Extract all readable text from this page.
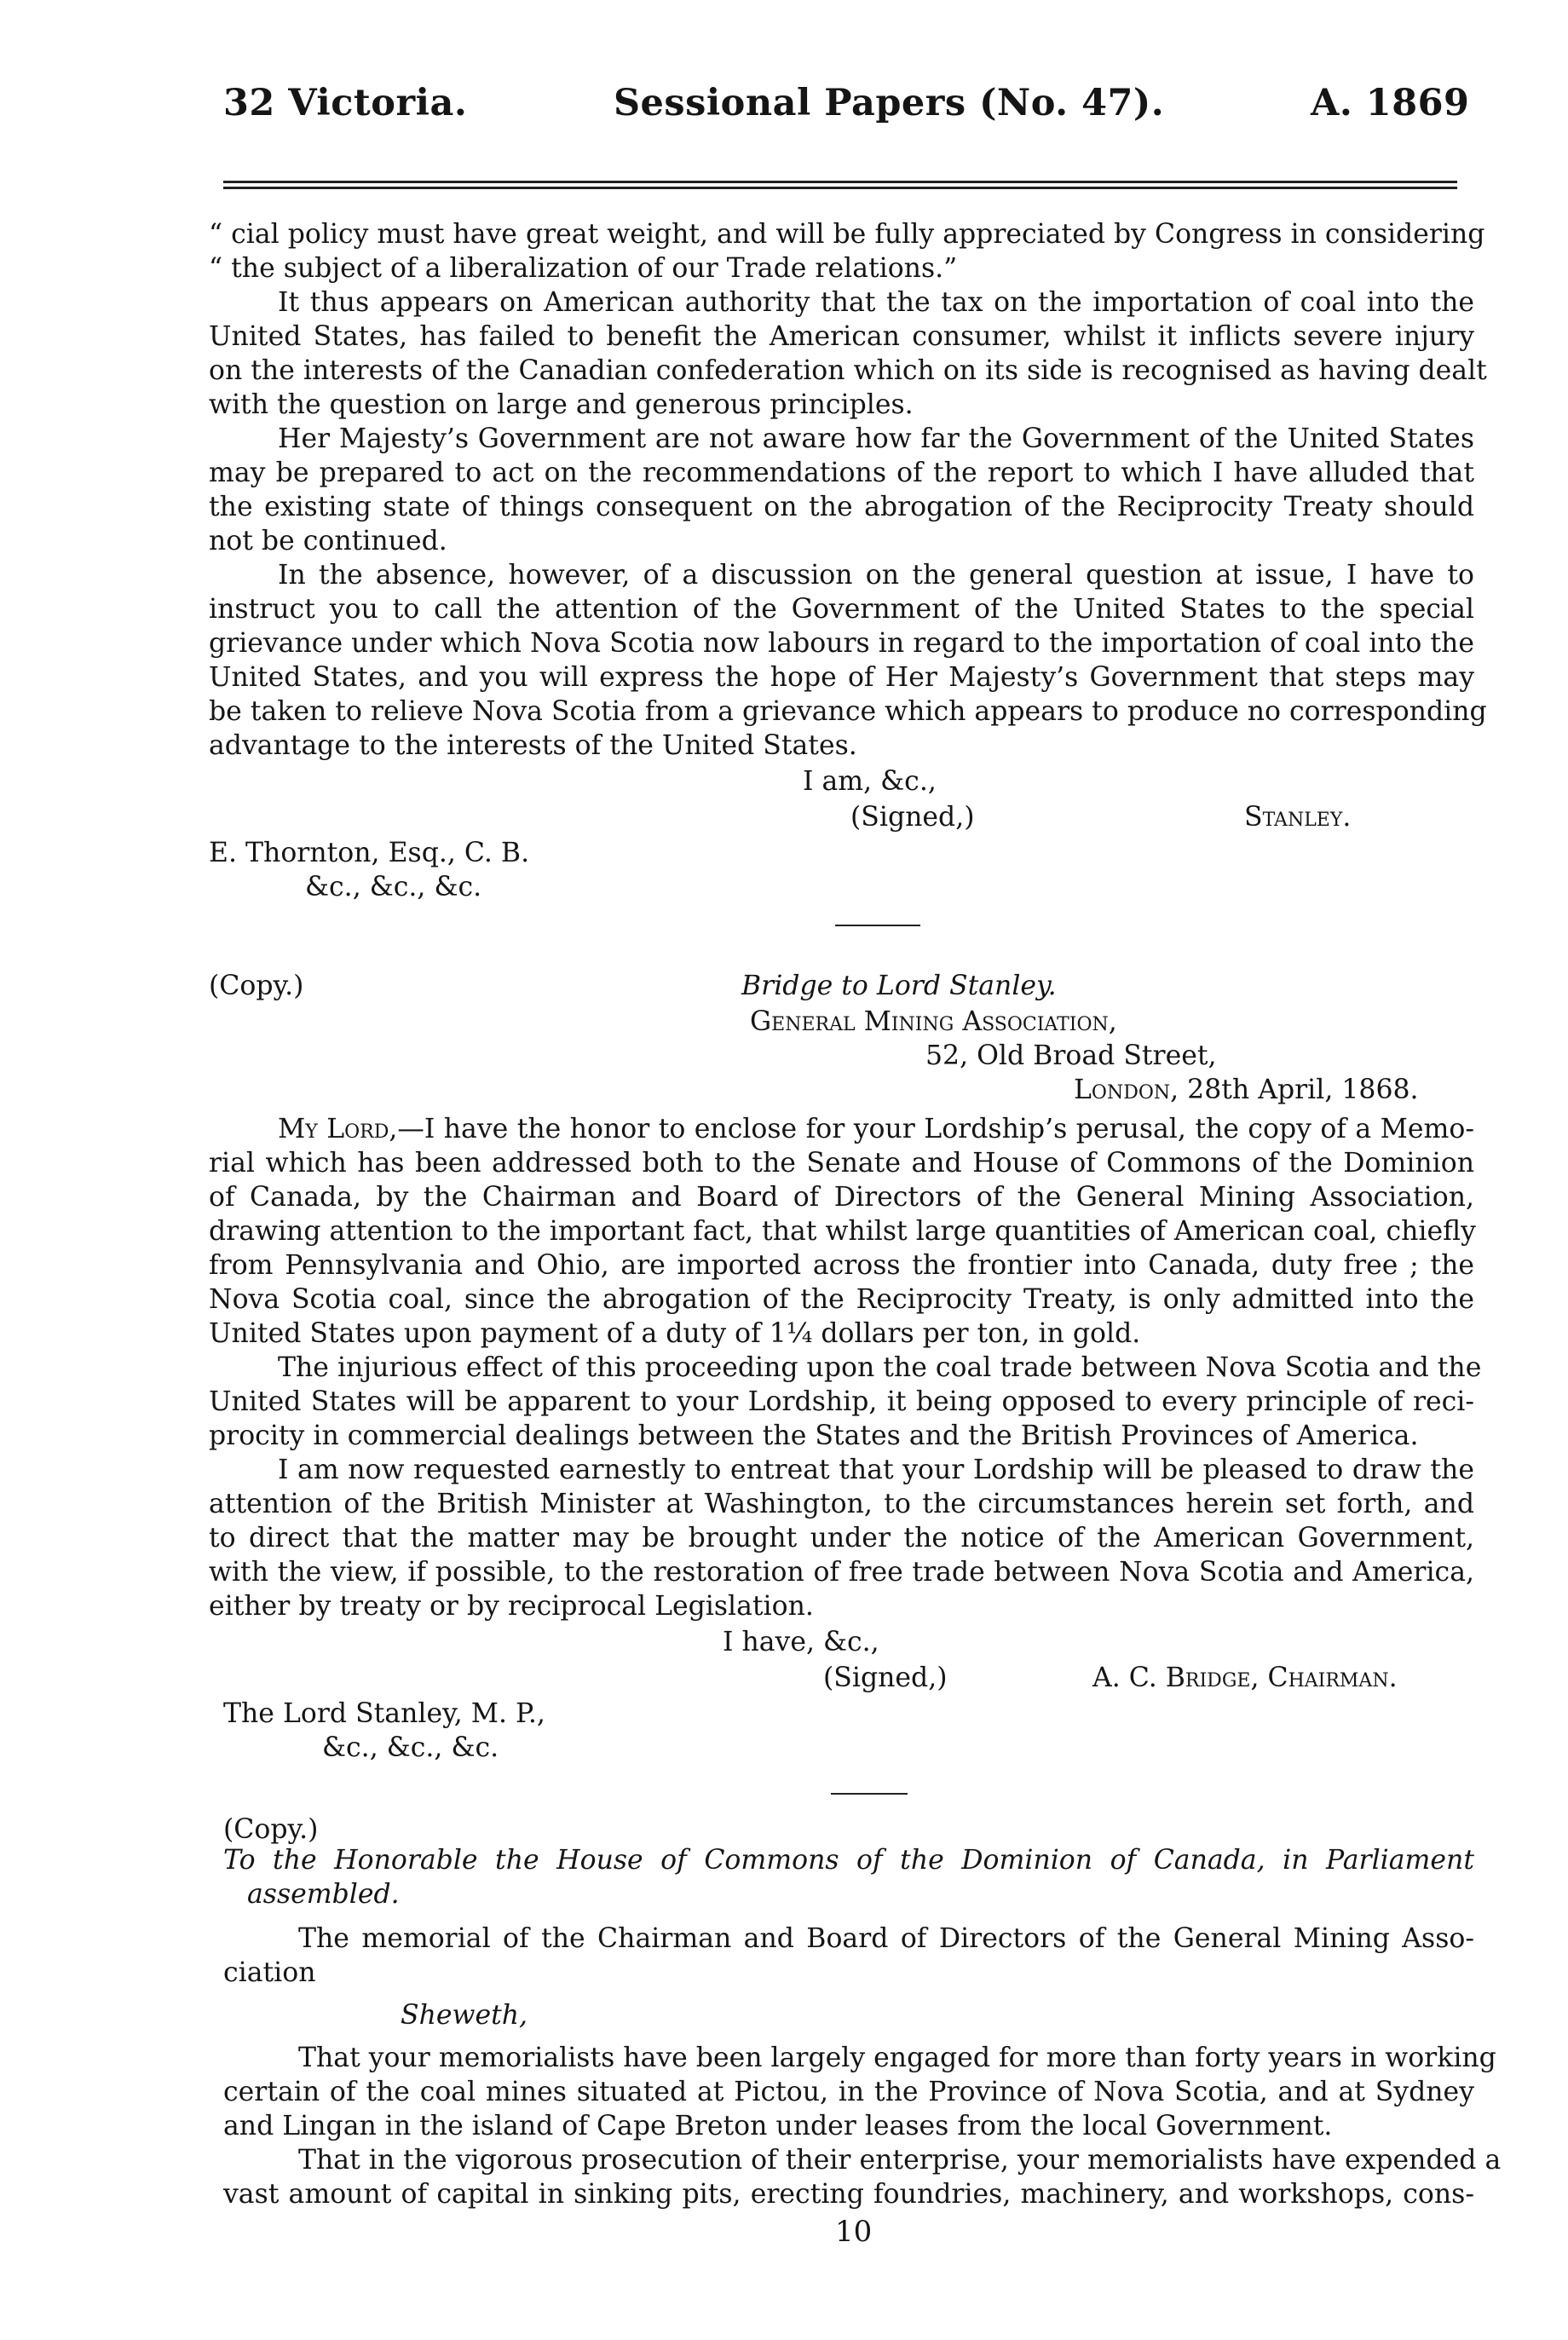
32 Victoria.	Sessional Papers (No. 47).	A. 1869
“ cial policy must have great weight, and will be fully appreciated by Congress in considering
“ the subject of a liberalization of our Trade relations.”
It thus appears on American authority that the tax on the importation of coal into the
United States, has failed to benefit the American consumer, whilst it inflicts severe injury
on the interests of the Canadian confederation which on its side is recognised as having dealt
with the question on large and generous principles.
Her Majesty’s Government are not aware how far the Government of the United States
may be prepared to act on the recommendations of the report to which I have alluded that
the existing state of things consequent on the abrogation of the Reciprocity Treaty should
not be continued.
In the absence, however, of a discussion on the general question at issue, I have to
instruct you to call the attention of the Government of the United States to the special
grievance under which Nova Scotia now labours in regard to the importation of coal into the
United States, and you will express the hope of Her Majesty’s Government that steps may
be taken to relieve Nova Scotia from a grievance which appears to produce no corresponding
advantage to the interests of the United States.
I am, &c.,
(Signed,)	Stanley.
E. Thornton, Esq., C. B.
&c., &c., &c.
(Copy.)	Bridge to Lord Stanley.
General Mining Association,
52, Old Broad Street,
London, 28th April, 1868.
My Lord,—I have the honor to enclose for your Lordship’s perusal, the copy of a Memo-
rial which has been addressed both to the Senate and House of Commons of the Dominion
of Canada, by the Chairman and Board of Directors of the General Mining Association,
drawing attention to the important fact, that whilst large quantities of American coal, chiefly
from Pennsylvania and Ohio, are imported across the frontier into Canada, duty free ; the
Nova Scotia coal, since the abrogation of the Reciprocity Treaty, is only admitted into the
United States upon payment of a duty of 1¼ dollars per ton, in gold.
The injurious effect of this proceeding upon the coal trade between Nova Scotia and the
United States will be apparent to your Lordship, it being opposed to every principle of reci-
procity in commercial dealings between the States and the British Provinces of America.
I am now requested earnestly to entreat that your Lordship will be pleased to draw the
attention of the British Minister at Washington, to the circumstances herein set forth, and
to direct that the matter may be brought under the notice of the American Government,
with the view, if possible, to the restoration of free trade between Nova Scotia and America,
either by treaty or by reciprocal Legislation.
I have, &c.,
(Signed,)	A. C. Bridge, Chairman.
The Lord Stanley, M. P.,
&c., &c., &c.
(Copy.)
To the Honorable the House of Commons of the Dominion of Canada, in Parliament
assembled.
The memorial of the Chairman and Board of Directors of the General Mining Asso-
ciation
Sheweth,
That your memorialists have been largely engaged for more than forty years in working
certain of the coal mines situated at Pictou, in the Province of Nova Scotia, and at Sydney
and Lingan in the island of Cape Breton under leases from the local Government.
That in the vigorous prosecution of their enterprise, your memorialists have expended a
vast amount of capital in sinking pits, erecting foundries, machinery, and workshops, cons-
10
